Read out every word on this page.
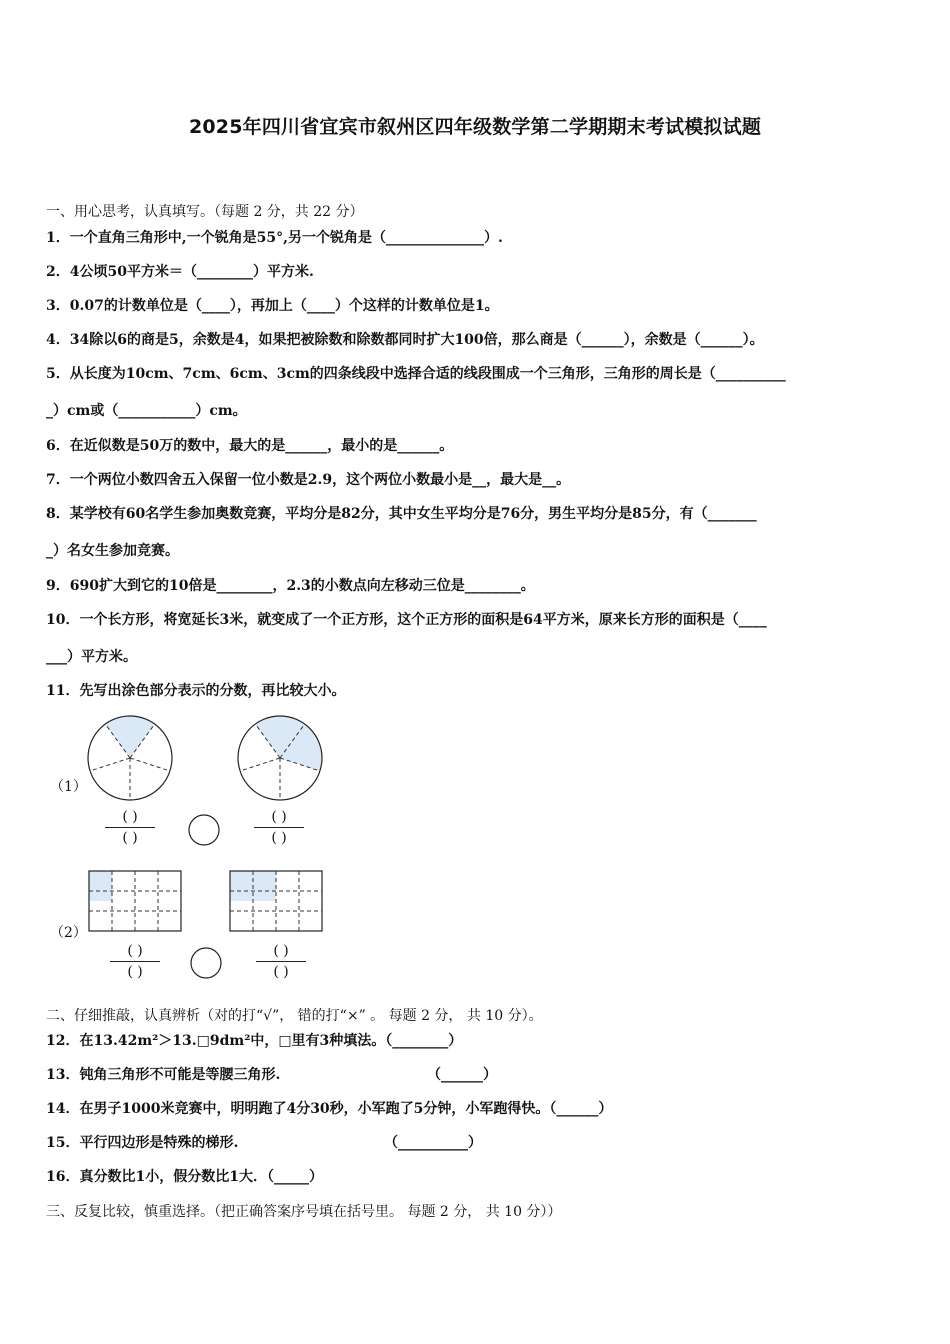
2025年四川省宜宾市叙州区四年级数学第二学期期末考试模拟试题
一、用心思考，认真填写。（每题 2 分，共 22 分）
1．一个直角三角形中,一个锐角是55°,另一个锐角是（______________）.
2．4公顷50平方米＝（________）平方米.
3．0.07的计数单位是（____），再加上（____）个这样的计数单位是1。
4．34除以6的商是5，余数是4，如果把被除数和除数都同时扩大100倍，那么商是（______），余数是（______）。
5．从长度为10cm、7cm、6cm、3cm的四条线段中选择合适的线段围成一个三角形，三角形的周长是（__________
_）cm或（___________）cm。
6．在近似数是50万的数中，最大的是______，最小的是______。
7．一个两位小数四舍五入保留一位小数是2.9，这个两位小数最小是__，最大是__。
8．某学校有60名学生参加奥数竞赛，平均分是82分，其中女生平均分是76分，男生平均分是85分，有（_______
_）名女生参加竞赛。
9．690扩大到它的10倍是________，2.3的小数点向左移动三位是________。
10．一个长方形，将宽延长3米，就变成了一个正方形，这个正方形的面积是64平方米，原来长方形的面积是（____
___）平方米。
11．先写出涂色部分表示的分数，再比较大小。
（1）
（2）
( )
( )
( )
( )
( )
( )
( )
( )
二、仔细推敲，认真辨析（对的打“√”， 错的打“×” 。 每题 2 分， 共 10 分）。
12．在13.42m²＞13.□9dm²中，□里有3种填法。（________）
13．钝角三角形不可能是等腰三角形.	（______）
14．在男子1000米竞赛中，明明跑了4分30秒，小军跑了5分钟，小军跑得快。（______）
15．平行四边形是特殊的梯形.	（__________）
16．真分数比1小，假分数比1大．（_____）
三、反复比较，慎重选择。（把正确答案序号填在括号里。 每题 2 分， 共 10 分））
